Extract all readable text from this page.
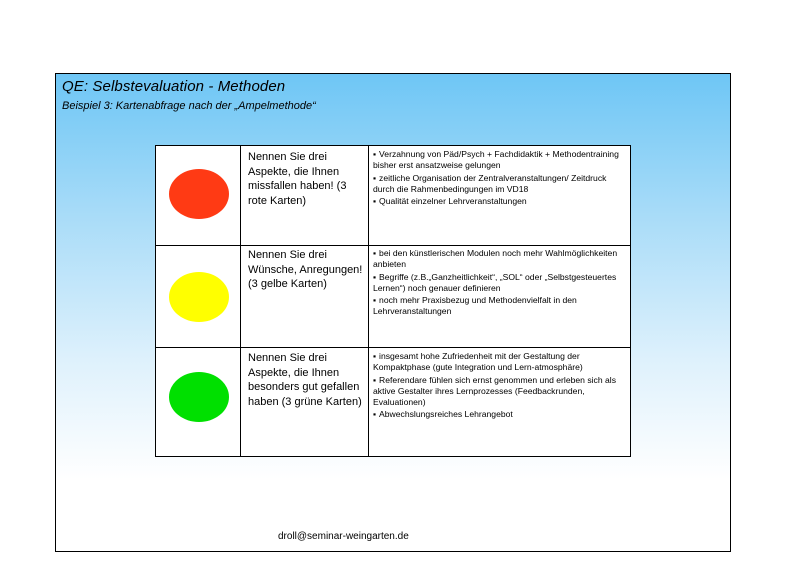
QE: Selbstevaluation - Methoden
Beispiel 3: Kartenabfrage nach der „Ampelmethode“
Nennen Sie drei Aspekte, die Ihnen missfallen haben! (3 rote Karten)
▪ Verzahnung von Päd/Psych + Fachdidaktik + Methodentraining bisher erst ansatzweise gelungen
▪ zeitliche Organisation der Zentralveranstaltungen/ Zeitdruck durch die Rahmenbedingungen im VD18
▪ Qualität einzelner Lehrveranstaltungen
Nennen Sie drei Wünsche, Anregungen! (3 gelbe Karten)
▪ bei den künstlerischen Modulen noch mehr Wahlmöglichkeiten anbieten
▪ Begriffe (z.B.„Ganzheitlichkeit“, „SOL“ oder „Selbstgesteuertes Lernen“) noch genauer definieren
▪ noch mehr Praxisbezug und Methodenvielfalt in den Lehrveranstaltungen
Nennen Sie drei Aspekte, die Ihnen besonders gut gefallen haben (3 grüne Karten)
▪ insgesamt hohe Zufriedenheit mit der Gestaltung der Kompaktphase (gute Integration und Lern-atmosphäre)
▪ Referendare fühlen sich ernst genommen und erleben sich als aktive Gestalter ihres Lernprozesses (Feedbackrunden, Evaluationen)
▪ Abwechslungsreiches Lehrangebot
droll@seminar-weingarten.de
